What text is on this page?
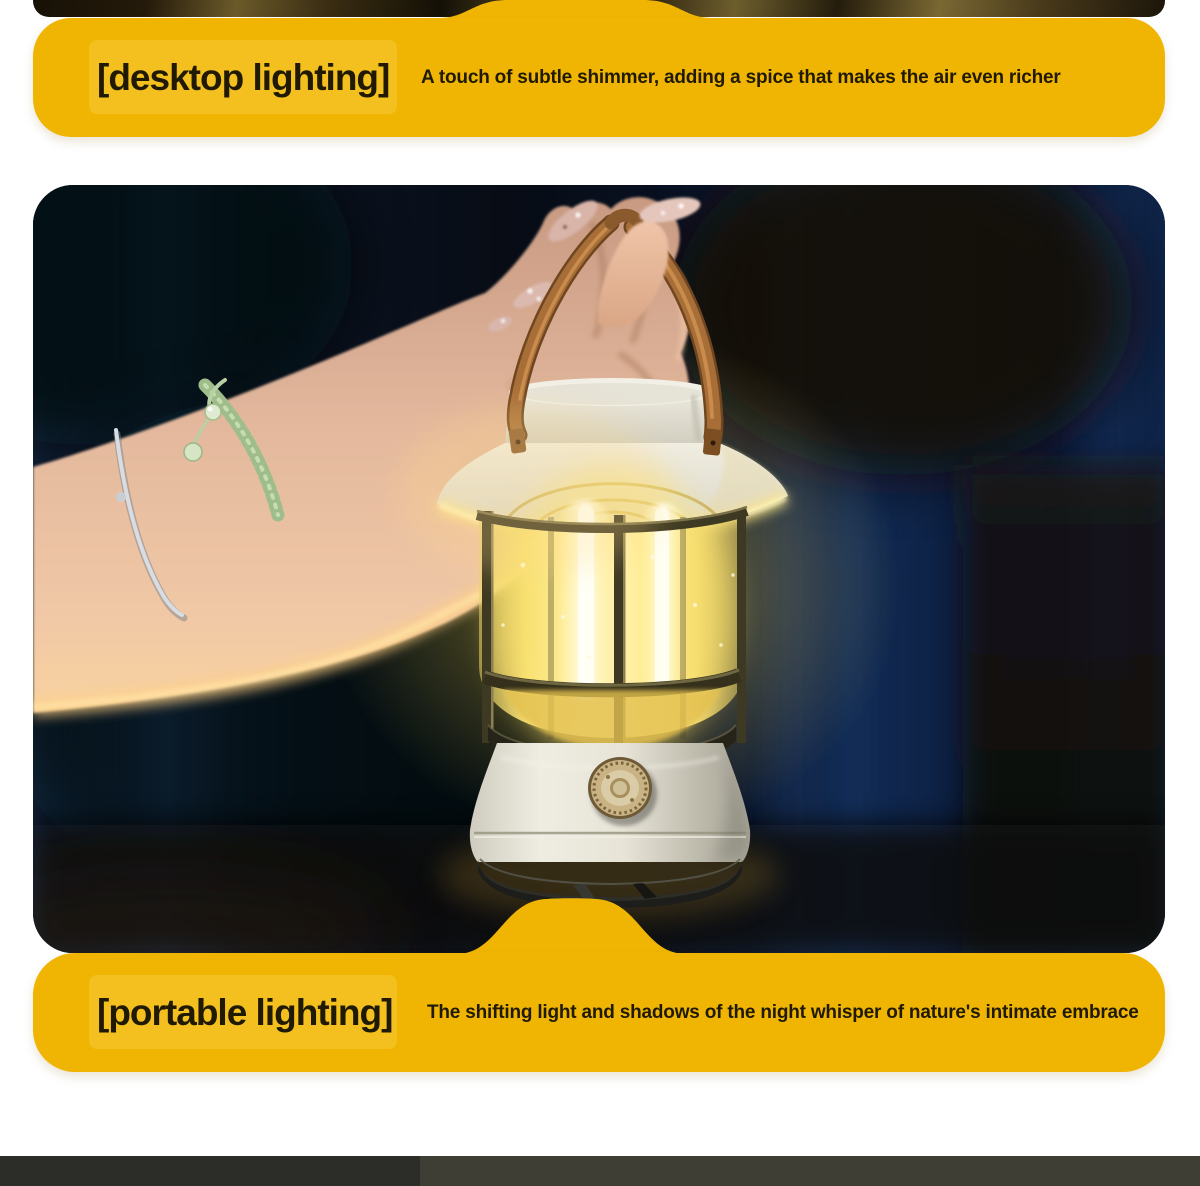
[desktop lighting] A touch of subtle shimmer, adding a spice that makes the air even richer

[portable lighting] The shifting light and shadows of the night whisper of nature's intimate embrace
